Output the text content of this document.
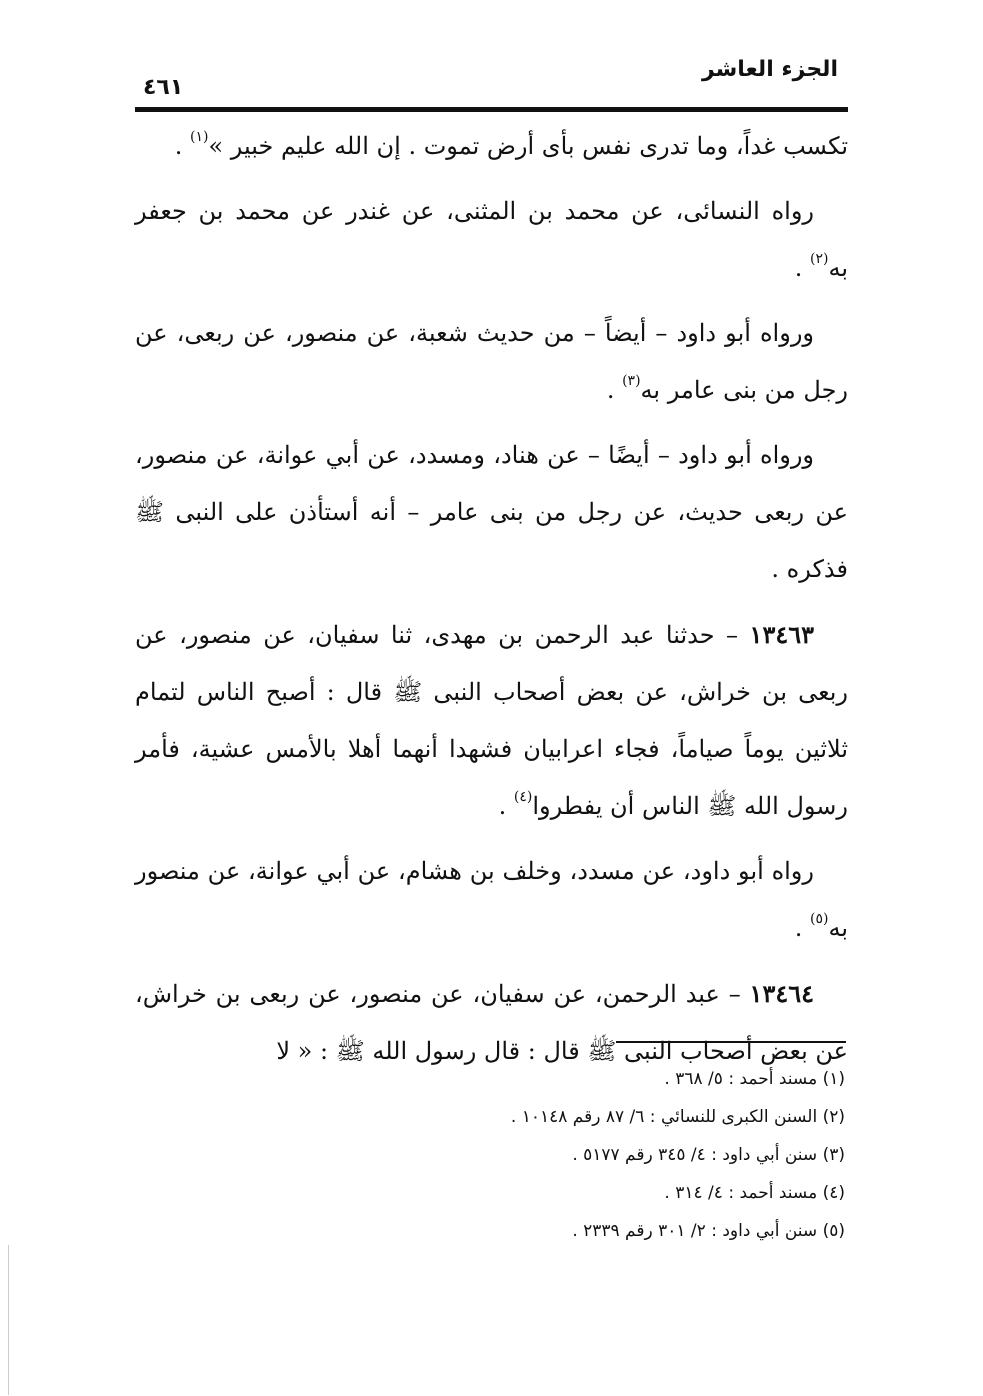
٤٦١
الجزء العاشر

تكسب غداً، وما تدرى نفس بأى أرض تموت . إن الله عليم خبير »$^{(١)}$ .

رواه النسائى، عن محمد بن المثنى، عن غندر عن محمد بن جعفر به$^{(٢)}$ .

ورواه أبو داود – أيضاً – من حديث شعبة، عن منصور، عن ربعى، عن رجل من بنى عامر به$^{(٣)}$ .

ورواه أبو داود – أيضًا – عن هناد، ومسدد، عن أبي عوانة، عن منصور، عن ربعى حديث، عن رجل من بنى عامر – أنه أستأذن على النبى ﷺ فذكره .

١٣٤٦٣ – حدثنا عبد الرحمن بن مهدى، ثنا سفيان، عن منصور، عن ربعى بن خراش، عن بعض أصحاب النبى ﷺ قال : أصبح الناس لتمام ثلاثين يوماً صياماً، فجاء اعرابيان فشهدا أنهما أهلا بالأمس عشية، فأمر رسول الله ﷺ الناس أن يفطروا$^{(٤)}$ .

رواه أبو داود، عن مسدد، وخلف بن هشام، عن أبي عوانة، عن منصور به$^{(٥)}$ .

١٣٤٦٤ – عبد الرحمن، عن سفيان، عن منصور، عن ربعى بن خراش، عن بعض أصحاب النبى ﷺ قال : قال رسول الله ﷺ : « لا

(١) مسند أحمد : ٥/ ٣٦٨ .

(٢) السنن الكبرى للنسائي : ٦/ ٨٧ رقم ١٠١٤٨ .

(٣) سنن أبي داود : ٤/ ٣٤٥ رقم ٥١٧٧ .

(٤) مسند أحمد : ٤/ ٣١٤ .

(٥) سنن أبي داود : ٢/ ٣٠١ رقم ٢٣٣٩ .
